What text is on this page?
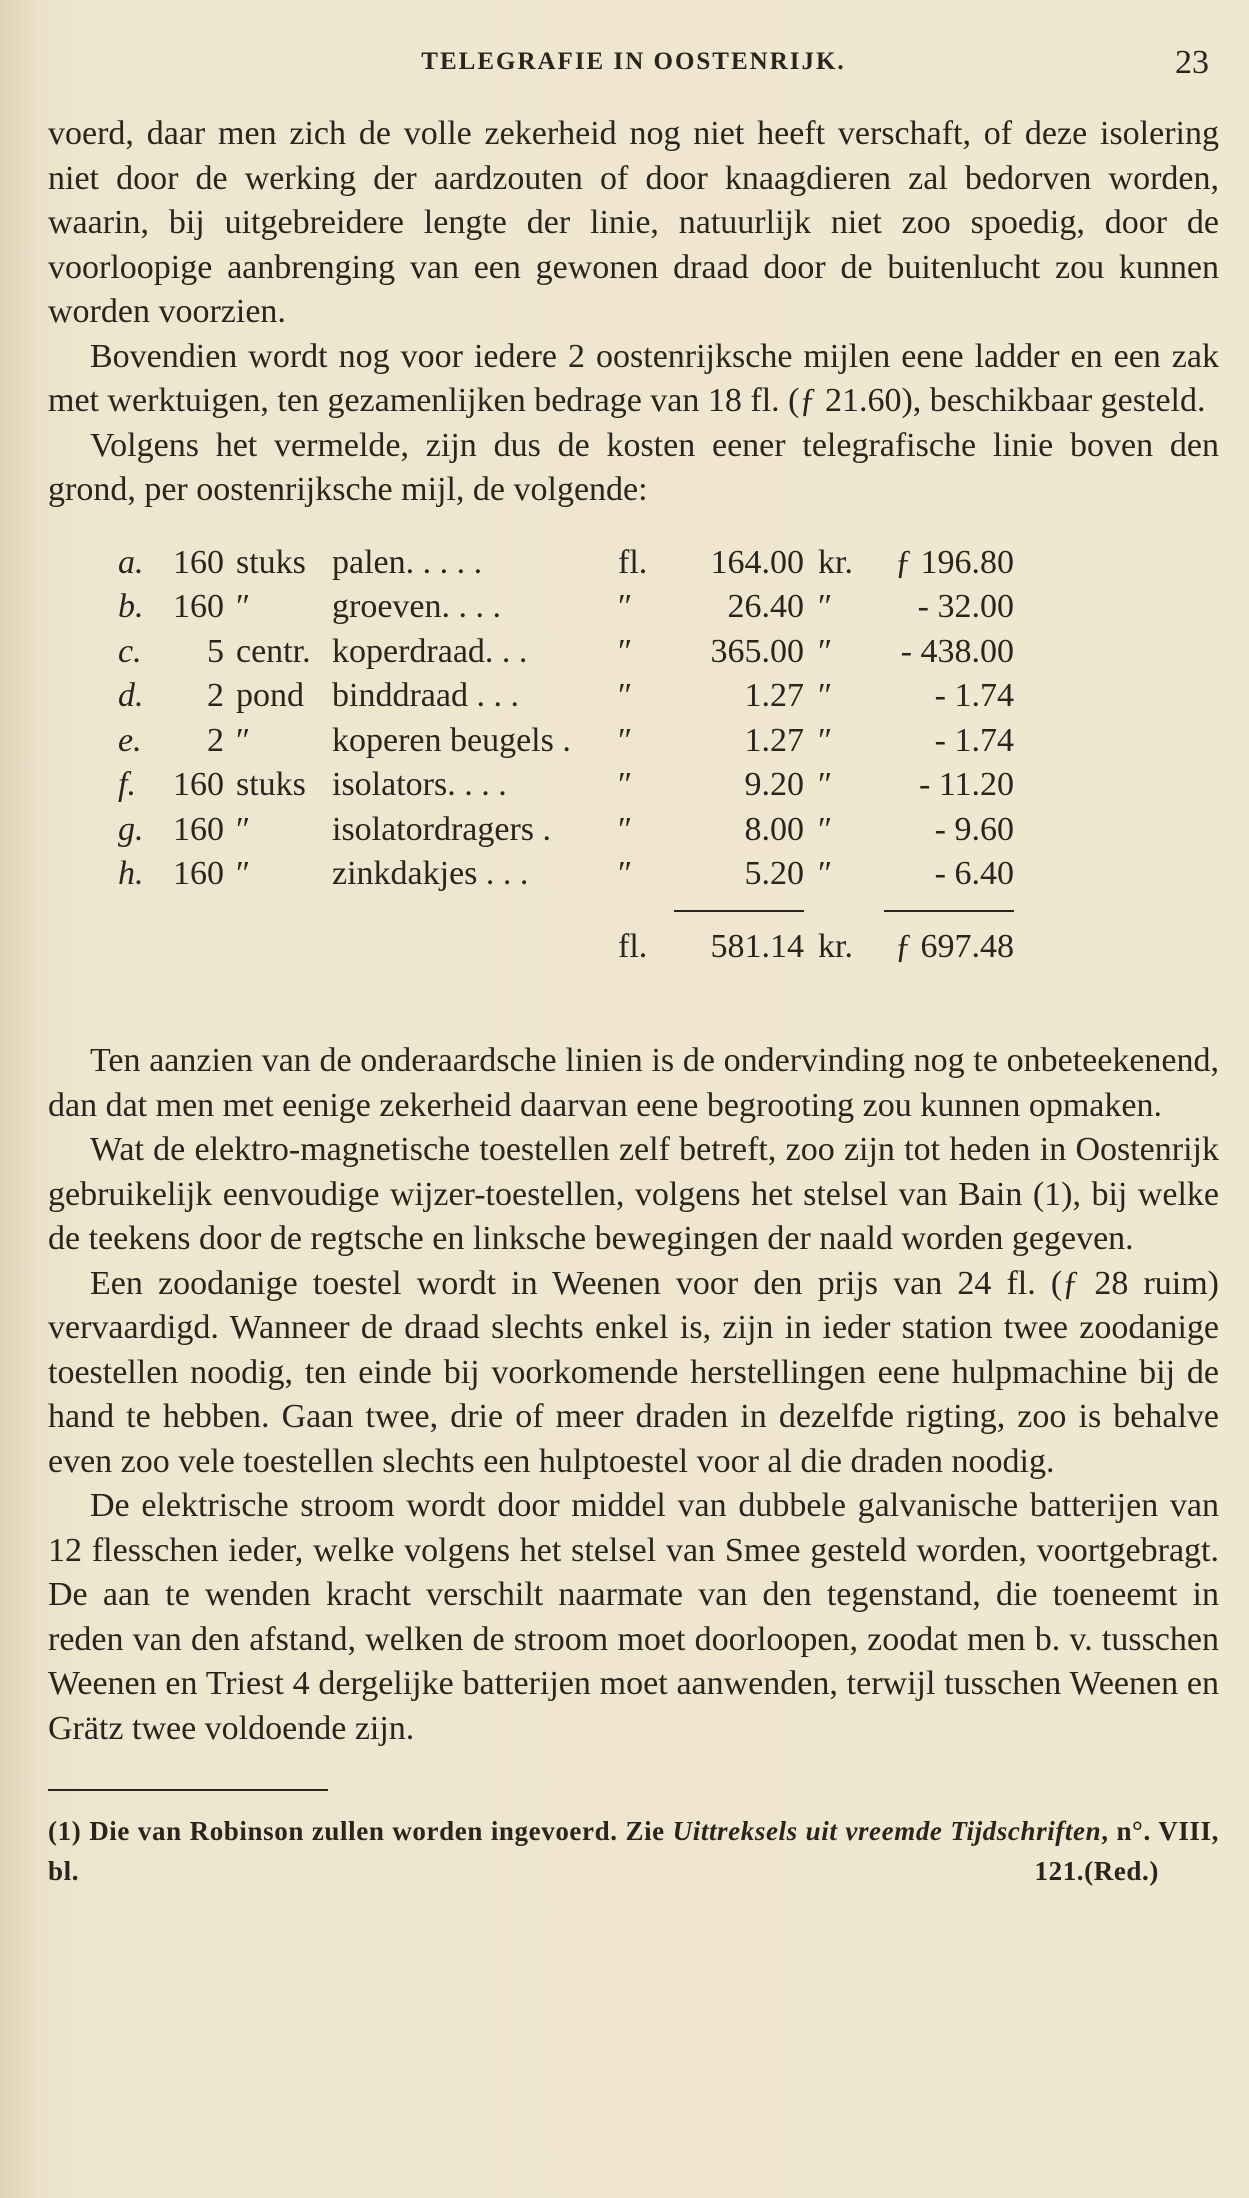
TELEGRAFIE IN OOSTENRIJK.	23

voerd, daar men zich de volle zekerheid nog niet heeft verschaft, of deze isolering niet door de werking der aardzouten of door knaagdieren zal bedorven worden, waarin, bij uitgebreidere lengte der linie, natuurlijk niet zoo spoedig, door de voorloopige aanbrenging van een gewonen draad door de buitenlucht zou kunnen worden voorzien.

Bovendien wordt nog voor iedere 2 oostenrijksche mijlen eene ladder en een zak met werktuigen, ten gezamenlijken bedrage van 18 fl. (ƒ 21.60), beschikbaar gesteld.

Volgens het vermelde, zijn dus de kosten eener telegrafische linie boven den grond, per oostenrijksche mijl, de volgende:

a.	160	stuks	palen. . . . .	fl.	164.00	kr.	ƒ 196.80
b.	160	″	groeven. . . .	″	26.40	″	- 32.00
c.	5	centr.	koperdraad. . .	″	365.00	″	- 438.00
d.	2	pond	binddraad . . .	″	1.27	″	- 1.74
e.	2	″	koperen beugels .	″	1.27	″	- 1.74
f.	160	stuks	isolators. . . .	″	9.20	″	- 11.20
g.	160	″	isolatordragers .	″	8.00	″	- 9.60
h.	160	″	zinkdakjes . . .	″	5.20	″	- 6.40

				fl.	581.14	kr.	ƒ 697.48

Ten aanzien van de onderaardsche linien is de ondervinding nog te onbeteekenend, dan dat men met eenige zekerheid daarvan eene begrooting zou kunnen opmaken.

Wat de elektro-magnetische toestellen zelf betreft, zoo zijn tot heden in Oostenrijk gebruikelijk eenvoudige wijzer-toestellen, volgens het stelsel van Bain (1), bij welke de teekens door de regtsche en linksche bewegingen der naald worden gegeven.

Een zoodanige toestel wordt in Weenen voor den prijs van 24 fl. (ƒ 28 ruim) vervaardigd. Wanneer de draad slechts enkel is, zijn in ieder station twee zoodanige toestellen noodig, ten einde bij voorkomende herstellingen eene hulpmachine bij de hand te hebben. Gaan twee, drie of meer draden in dezelfde rigting, zoo is behalve even zoo vele toestellen slechts een hulptoestel voor al die draden noodig.

De elektrische stroom wordt door middel van dubbele galvanische batterijen van 12 flesschen ieder, welke volgens het stelsel van Smee gesteld worden, voortgebragt. De aan te wenden kracht verschilt naarmate van den tegenstand, die toeneemt in reden van den afstand, welken de stroom moet doorloopen, zoodat men b. v. tusschen Weenen en Triest 4 dergelijke batterijen moet aanwenden, terwijl tusschen Weenen en Grätz twee voldoende zijn.

(1) Die van Robinson zullen worden ingevoerd. Zie Uittreksels uit vreemde Tijdschriften, n°. VIII, bl. 121. (Red.)
